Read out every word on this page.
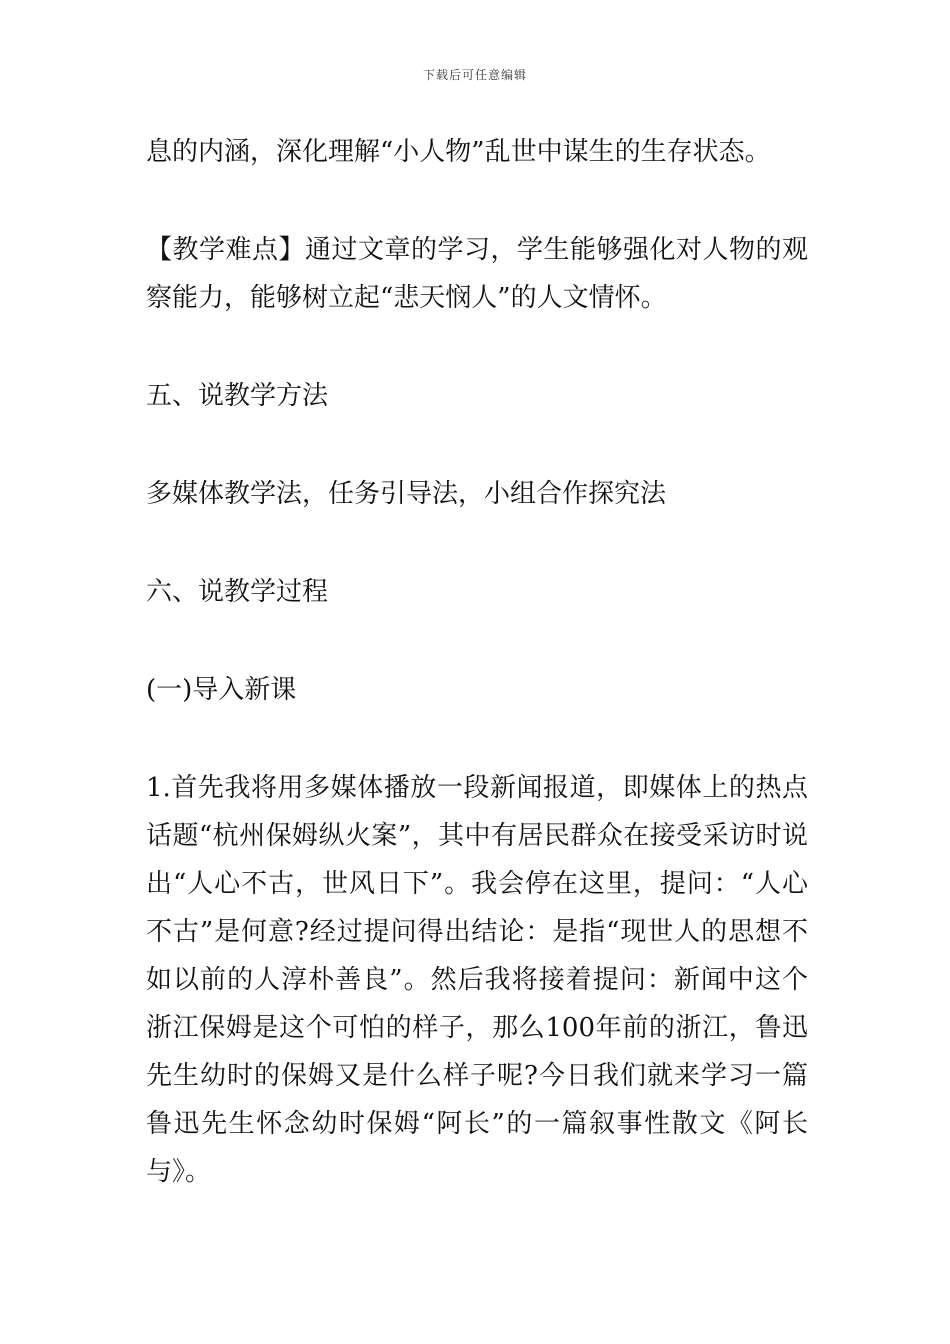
下载后可任意编辑

息的内涵，深化理解“小人物”乱世中谋生的生存状态。

【教学难点】通过文章的学习，学生能够强化对人物的观察能力，能够树立起“悲天悯人”的人文情怀。

五、说教学方法

多媒体教学法，任务引导法，小组合作探究法

六、说教学过程

(一)导入新课

1.首先我将用多媒体播放一段新闻报道，即媒体上的热点话题“杭州保姆纵火案”，其中有居民群众在接受采访时说出“人心不古，世风日下”。我会停在这里，提问：“人心不古”是何意?经过提问得出结论：是指“现世人的思想不如以前的人淳朴善良”。然后我将接着提问：新闻中这个浙江保姆是这个可怕的样子，那么100年前的浙江，鲁迅先生幼时的保姆又是什么样子呢?今日我们就来学习一篇鲁迅先生怀念幼时保姆“阿长”的一篇叙事性散文《阿长与》。
